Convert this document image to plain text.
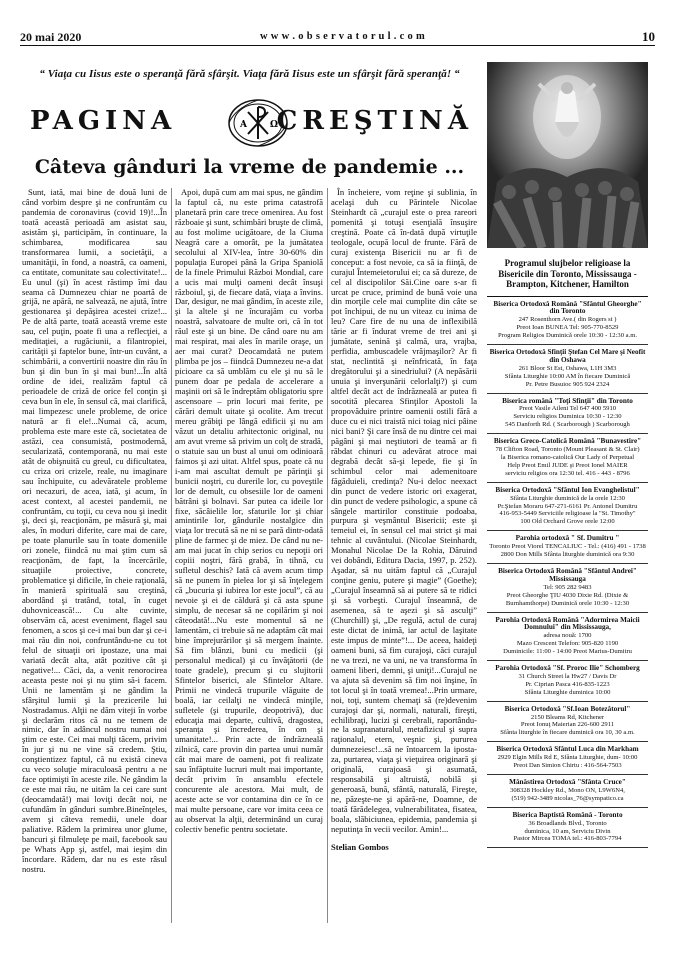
20 mai 2020	w w w . o b s e r v a t o r u l . c o m	10
“ Viaţa cu Iisus este o speranţă fără sfârşit. Viaţa fără Iisus este un sfârşit fără speranţă! “
PAGINA	A	Ω
CREŞTINĂ
Câteva gânduri la vreme de pandemie ...

Sunt, iată, mai bine de două luni de când vorbim despre şi ne confruntăm cu pandemia de coronavirus (covid 19)!...În toată această perioadă am asistat sau, asistăm şi, participăm, în continuare, la schimbarea, modificarea sau transformarea lumii, a societăţii, a umanităţii, în fond, a noastră, ca oameni, ca entitate, comunitate sau colectivitate!... Eu unul (şi) în acest răstimp îmi dau seama că Dumnezeu chiar ne poartă de grijă, ne apără, ne salvează, ne ajută, între gestionarea şi depăşirea acestei crize!... Pe de altă parte, toată această vreme este sau, cel puţin, poate fi una a reflecţiei, a meditaţiei, a rugăciunii, a filantropiei, carităţii şi faptelor bune, într-un cuvânt, a schimbării, a convertirii noastre din rău în bun şi din bun în şi mai bun!...În altă ordine de idei, realizăm faptul că perioadele de criză de orice fel conţin şi ceva bun în ele, în sensul că, mai clarifică, mai limpezesc unele probleme, de orice natură ar fi ele!...Numai că, acum, problema este mare este că, societatea de astăzi, cea consumistă, postmodernă, secularizată, contemporană, nu mai este atât de obişnuită cu greul, cu dificultatea, cu criza ori crizele, reale, nu imaginare sau închipuite, cu adevăratele probleme ori necazuri, de acea, iată, şi acum, în acest context, al acestei pandemii, ne confruntăm, cu toţii, cu ceva nou şi inedit şi, deci şi, reacţionăm, pe măsură şi, mai ales, în moduri diferite, care mai de care, pe toate planurile sau în toate domeniile ori zonele, fiindcă nu mai ştim cum să reacţionăm, de fapt, la încercările, situaţiile proiective, concrete, problematice şi dificile, în cheie raţională, în manieră spirituală sau creştină, abordând şi tratând, total, în cuget duhovnicească!... Cu alte cuvinte, observăm că, acest eveniment, flagel sau fenomen, a scos şi ce-i mai bun dar şi ce-i mai rău din noi, confruntându-ne cu tot felul de situaţii ori ipostaze, una mai variată decât alta, atât pozitive cât şi negative!... Căci, da, a venit renorocirea aceasta peste noi şi nu ştim să-i facem. Unii ne lamentăm şi ne gândim la sfârşitul lumii şi la prezicerile lui Nostradamus. Alţii ne dăm viteji în vorbe şi declarăm ritos că nu ne temem de nimic, dar în adâncul nostru numai noi ştim ce este. Cei mai mulţi tăcem, privim în jur şi nu ne vine să credem. Ştiu, conştientizez faptul, că nu există cineva cu veco soluţie miraculoasă pentru a ne face optimişti în aceste zile. Ne gândim la ce este mai rău, ne uităm la cei care sunt (deocamdată!) mai loviţi decât noi, ne cufundăm în gânduri sumbre.Bineînţeles, avem şi câteva remedii, unele doar paliative. Rădem la primirea unor glume, bancuri şi filmuleţe pe mail, facebook sau pe Whats App şi, astfel, mai ieşim din încordare. Rădem, dar nu es este râsul nostru.

Apoi, după cum am mai spus, ne gândim la faptul că, nu este prima catastrofă planetară prin care trece omenirea. Au fost războaie şi sunt, schimbări bruşte de climă, au fost molime ucigătoare, de la Ciuma Neagră care a omorât, pe la jumătatea secolului al XIV-lea, între 30-60% din populaţia Europei până la Gripa Spaniolă de la finele Primului Război Mondial, care a ucis mai mulţi oameni decât însuşi războiul, şi, de fiecare dată, viaţa a învins. Dar, desigur, ne mai gândim, în aceste zile, şi la altele şi ne încurajăm cu vorba noastră, salvatoare de multe ori, că în tot răul este şi un bine. De când oare nu am mai respirat, mai ales în marile oraşe, un aer mai curat? Deocamdată ne putem plimba pe jos – fiindcă Dumnezeu ne-a dat picioare ca să umblăm cu ele şi nu să le punem doar pe pedala de accelerare a maşinii ori să le îndreptăm obligatoriu spre ascensoare – prin locuri mai ferite, pe cărări demult uitate şi ocolite. Am trecut mereu grăbiţi pe lângă edificii şi nu am văzut un detaliu arhitectonic original, nu am avut vreme să privim un colţ de stradă, o statuie sau un bust al unui om odinioară faimos şi azi uitat. Altfel spus, poate că nu i-am mai ascultat demult pe părinţii şi bunicii noştri, cu durerile lor, cu poveştile lor de demult, cu obsesiile lor de oameni bătrâni şi bolnavi. Sar putea ca ideile lor fixe, săcâielile lor, sfaturile lor şi chiar amintirile lor, gândurile nostalgice din viaţa lor trecută să ne ni se pară dintr-odată pline de farmec şi de miez. De când nu ne-am mai jucat în chip serios cu nepoţii ori copiii noştri, fără grabă, în tihnă, cu sufletul deschis? Iată că avem acum timp să ne punem în pielea lor şi să înţelegem că „bucuria şi iubirea lor este jocul”, că au nevoie şi ei de căldură şi că asta spune simplu, de necesar să ne copilărim şi noi câteodată!...Nu este momentul să ne lamentăm, ci trebuie să ne adaptăm cât mai bine împrejurărilor şi să mergem înainte. Să fim blânzi, buni cu medicii (şi personalul medical) şi cu învăţătorii (de toate gradele), precum şi cu slujitorii Sfintelor biserici, ale Sfintelor Altare. Primii ne vindecă trupurile vlăguite de boală, iar ceilalţi ne vindecă minţile, sufletele (şi trupurile, deopotrivă), duc educaţia mai departe, cultivă, dragostea, speranţa şi încrederea, în om şi umanitate!... Prin acte de îndrăzneală zilnică, care provin din partea unui număr cât mai mare de oameni, pot fi realizate sau înfăptuite lucruri mult mai importante, decât privim în ansamblu efectele concurente ale acestora. Mai mult, de aceste acte se vor contamina din ce în ce mai multe persoane, care vor imita ceea ce au observat la alţii, determinând un curaj colectiv benefic pentru societate.

În încheiere, vom reţine şi sublinia, în acelaşi duh cu Părintele Nicolae Steinhardt că „curajul este o prea rareori pomenită şi totuşi esenţială însuşire creştină. Poate că în-dată după virtuţile teologale, ocupă locul de frunte. Fără de curaj existenţa Bisericii nu ar fi de conceput: a fost nevoie, ca să ia fiinţă, de curajul Întemeietorului ei; ca să dureze, de cel al discipolilor Săi.Cine oare s-ar fi urcat pe cruce, primind de bună voie una din morţile cele mai cumplite din câte se pot închipui, de nu un viteaz cu inima de leu? Care fire de nu una de inflexibilă tărie ar fi îndurat vreme de trei ani şi jumătate, senină şi calmă, ura, vrajba, perfidia, ambuscadele vrăjmaşilor? Ar fi stat, neclintită şi neînfricată, în faţa dregătorului şi a sinedriului? (A nepăsării unuia şi inverşunării celorlalţi?) şi cum altfel decât act de îndrăzneală ar putea fi socotită plecarea Sfinţilor Apostoli la propovăduire printre oamenii ostili fără a duce cu ei nici traistă nici toiag nici pâine nici bani? Şi care însă de nu dintre cei mai păgâni şi mai neştiutori de teamă ar fi răbdat chinuri cu adevărat atroce mai degrabă decât să-şi lepede, fie şi în schimbul celor mai ademenitoare făgăduieli, credinţa? Nu-i deloc neexact din punct de vedere istoric ori exagerat, din punct de vedere psihologic, a spune că sângele martirilor constituie podoaba, purpura şi veşmântul Bisericii; este şi temeiul ei, în sensul cel mai strict şi mai tehnic al cuvântului. (Nicolae Steinhardt, Monahul Nicolae De la Rohia, Dăruind vei dobândi, Editura Dacia, 1997, p. 252). Aşadar, să nu uităm faptul că „Curajul conţine geniu, putere şi magie” (Goethe); „Curajul înseamnă să ai putere să te ridici şi să vorbeşti. Curajul înseamnă, de asemenea, să te aşezi şi să asculţi” (Churchill) şi, „De regulă, actul de curaj este dictat de inimă, iar actul de laşitate este impus de minte”!... De aceea, haideţi oameni buni, să fim curajoşi, căci curajul ne va trezi, ne va uni, ne va transforma în oameni liberi, demni, şi uniţi!...Curajul ne va ajuta să devenim să fim noi înşine, în tot locul şi în toată vremea!...Prin urmare, noi, toţi, suntem chemaţi să (re)devenim curajoşi dar şi, normali, naturali, fireşti, echilibraţi, lucizi şi cerebrali, raportându-ne la supranaturalul, metafizicul şi supra raţionalul, etern, veşnic şi, pururea dumnezeiesc!...să ne întoarcem la ipostaza, purtarea, viaţa şi vieţuirea originară şi originală, curajoasă şi asumată, responsabilă şi altruistă, nobilă şi generoasă, bună, sfântă, naturală, Fireşte, ne, păzeşte-ne şi apără-ne, Doamne, de toată fărădelegea, vulnerabilitatea, fisatea, boala, slăbiciunea, epidemia, pandemia şi neputinţa în vecii vecilor. Amin!...

Stelian Gombos
Programul slujbelor religioase la Bisericile din Toronto, Mississauga - Brampton, Kitchener, Hamilton
Biserica Ortodoxă Română "Sfântul Gheorghe" din Toronto
247 Rosenthorn Ave.( din Rogers st )
Preot Ioan BUNEA Tel: 905-770-8529
Program Religios Duminică orele 10:30 - 12:30 a.m.
Biserica Ortodoxă Sfinţii Ştefan Cel Mare şi Neofit din Oshawa
261 Bloor St Est, Oshawa, L1H 3M3
Sfânta Liturghie 10:00 AM în fiecare Duminică
Pr. Petre Busuioc 905 924 2324
Biserica română "Toţi Sfinţii" din Toronto
Preot Vasile Aileni Tel 647 400 5910
Serviciu religios Duminica 10:30 - 12:30
545 Danforth Rd. ( Scarborough ) Scarborough
Biserica Greco-Catolică Română "Bunavestire"
78 Clifton Road, Toronto (Mount Pleasant & St. Clair)
la Biserica romano-catolică Our Lady of Perpetual
Help Preot Emil JUDE şi Preot Ionel MAIER
serviciu religios ora 12:30 tel. 416 - 443 - 8796
Biserica Ortodoxă "Sfântul Ion Evanghelistul"
Sfânta Liturghie duminică de la orele 12:30
Pr.Ştefan Moraru 647-271-6161 Pr. Antonel Dumitru
416-953-5449 Serviciile religioase la "St. Timothy"
100 Old Orchard Grove orele 12:00
Parohia ortodoxă " Sf. Dumitru "
Toronto Preot Viorel TENCALIUC - Tel.: (416) 491 - 1738
2800 Don Mills Sfânta liturghie duminică ora 9:30
Biserica Ortodoxă Română "Sfântul Andrei" Mississauga
Tel: 905 282 9483
Preot Gheorghe ŢIU 4030 Dixie Rd. (Dixie &
Burnhamthorpe) Duminică orele 10:30 - 12:30
Parohia Ortodoxă Română "Adormirea Maicii Domnului" din Mississauga,
adresa nouă: 1700
Mazo Crescent Telefon: 905-820 1190
Duminicile: 11:00 - 14:00 Preot Marius-Dumitru
Parohia Ortodoxă "Sf. Proroc Ilie" Schomberg
31 Church Street la Hw27 / Davis Dr
Pr. Ciprian Pasca 416-835-1223
Sfânta Liturghie duminica 10:00
Biserica Ortodoxă "Sf.Ioan Botezătorul"
2150 Bleams Rd, Kitchener
Preot Ionuţ Maierian 226-600 2911
Sfânta liturghie în fiecare duminică ora 10, 30 a.m.
Biserica Ortodoxă Sfântul Luca din Markham
2929 Elgin Mills Rd E, Sfânta Liturghie, dum- 10:00
Preot Dan Simion Chirtu : 416-564-7503
Mănăstirea Ortodoxă "Sfânta Cruce"
308328 Hockley Rd., Mono ON, L9W6N4,
(519) 942-3489 nicolas_76@sympatico.ca
Biserica Baptistă Română - Toronto
36 Broadlands Blvd., Toronto
duminica, 10 am, Serviciu Divin
Pastor Mircea TOMA tel.: 416-803-7794
